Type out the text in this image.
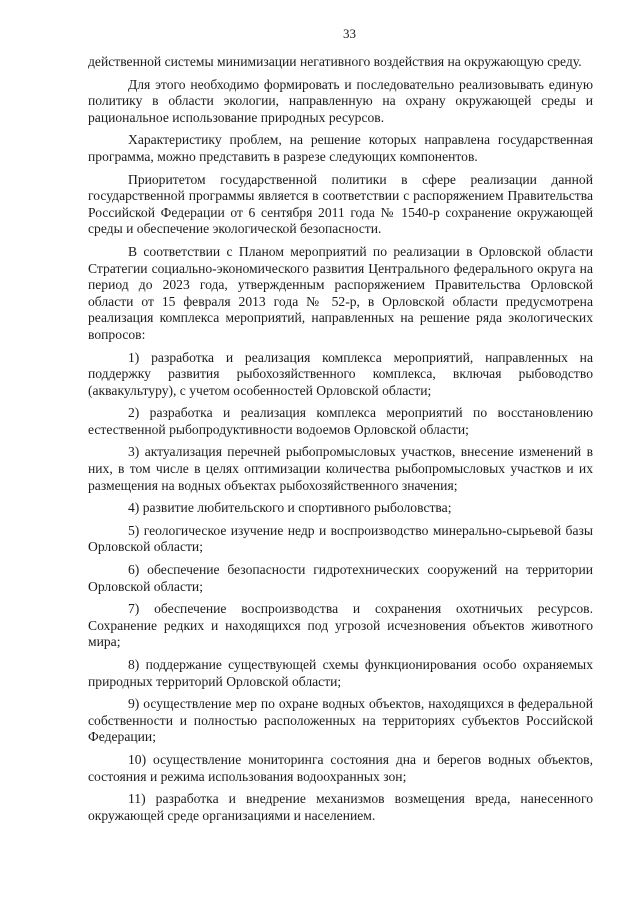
33

действенной системы минимизации негативного воздействия на окружающую среду.

Для этого необходимо формировать и последовательно реализовывать единую политику в области экологии, направленную на охрану окружающей среды и рациональное использование природных ресурсов.

Характеристику проблем, на решение которых направлена государственная программа, можно представить в разрезе следующих компонентов.

Приоритетом государственной политики в сфере реализации данной государственной программы является в соответствии с распоряжением Правительства Российской Федерации от 6 сентября 2011 года № 1540-р сохранение окружающей среды и обеспечение экологической безопасности.

В соответствии с Планом мероприятий по реализации в Орловской области Стратегии социально-экономического развития Центрального федерального округа на период до 2023 года, утвержденным распоряжением Правительства Орловской области от 15 февраля 2013 года № 52-р, в Орловской области предусмотрена реализация комплекса мероприятий, направленных на решение ряда экологических вопросов:

1) разработка и реализация комплекса мероприятий, направленных на поддержку развития рыбохозяйственного комплекса, включая рыбоводство (аквакультуру), с учетом особенностей Орловской области;

2) разработка и реализация комплекса мероприятий по восстановлению естественной рыбопродуктивности водоемов Орловской области;

3) актуализация перечней рыбопромысловых участков, внесение изменений в них, в том числе в целях оптимизации количества рыбопромысловых участков и их размещения на водных объектах рыбохозяйственного значения;

4) развитие любительского и спортивного рыболовства;

5) геологическое изучение недр и воспроизводство минерально-сырьевой базы Орловской области;

6) обеспечение безопасности гидротехнических сооружений на территории Орловской области;

7) обеспечение воспроизводства и сохранения охотничьих ресурсов. Сохранение редких и находящихся под угрозой исчезновения объектов животного мира;

8) поддержание существующей схемы функционирования особо охраняемых природных территорий Орловской области;

9) осуществление мер по охране водных объектов, находящихся в федеральной собственности и полностью расположенных на территориях субъектов Российской Федерации;

10) осуществление мониторинга состояния дна и берегов водных объектов, состояния и режима использования водоохранных зон;

11) разработка и внедрение механизмов возмещения вреда, нанесенного окружающей среде организациями и населением.
